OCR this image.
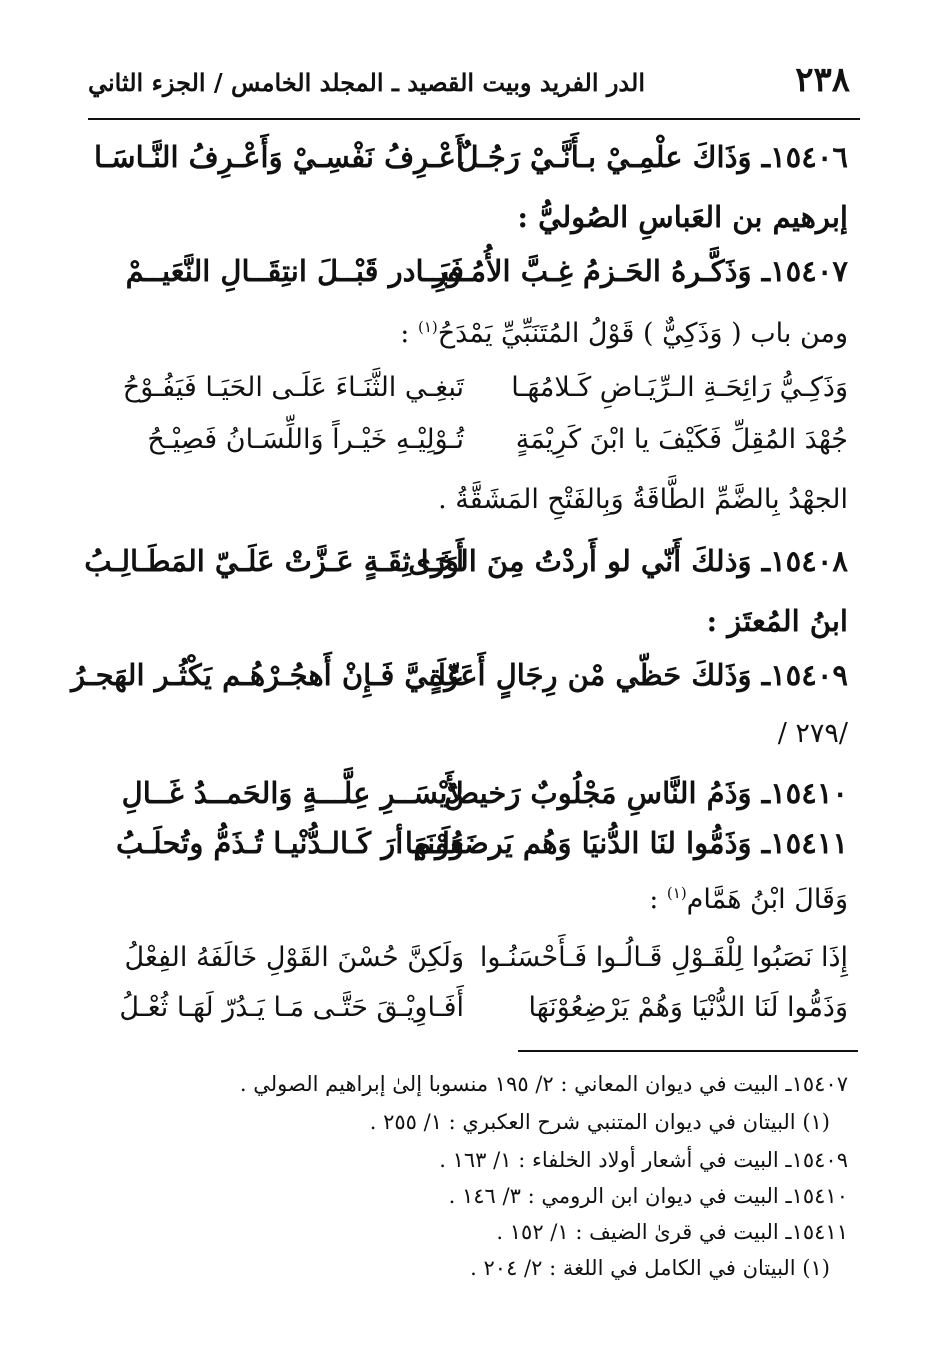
٢٣٨
الدر الفريد وبيت القصيد ـ المجلد الخامس / الجزء الثاني
١٥٤٠٦ـ وَذَاكَ علْمِـيْ بـأَنَّـيْ رَجُـلٌ
أَعْـرِفُ نَفْسِـيْ وَأَعْـرِفُ النَّـاسَـا
إبرهيم بن العَباسِ الصُوليُّ :
١٥٤٠٧ـ وَذَكَّـرهُ الحَـزمُ غِـبَّ الأُمُـورِ
فَبَــادر قَبْــلَ انتِقَــالِ النَّعَيــمْ
ومن باب ( وَذَكِيٌّ ) قَوْلُ المُتَنَبِّيِّ يَمْدَحُ$^{(١)}$ :
وَذَكِـيُّ رَائِحَـةِ الـرِّيَـاضِ كَـلامُهَـا
تَبغِـي الثَّنَـاءَ عَلَـى الحَيَـا فَيَفُـوْحُ
جُهْدَ المُقِلِّ فَكَيْفَ يا ابْنَ كَرِيْمَةٍ
تُـوْلِيْـهِ خَيْـراً وَاللِّسَـانُ فَصِيْـحُ
الجهْدُ بِالضَّمِّ الطَّاقَةُ وَبِالفَتْحِ المَشَقَّةُ .
١٥٤٠٨ـ وَذلكَ أَنّي لو أَردْتُ مِنَ الوَرَى
أَخَـا ثِقَـةٍ عَـزَّتْ عَلَـيّ المَطَـالِـبُ
ابنُ المُعتَز :
١٥٤٠٩ـ وَذَلكَ حَظّي مْن رِجَالٍ أَعَزّةٍ
عَلَـيَّ فَـإِنْ أَهجُـرْهُـم يَكْثُـر الهَجـرُ
/٢٧٩ /
١٥٤١٠ـ وَذَمُ النَّاسِ مَجْلُوبٌ رَخيصٌ
لأَيْسَــرِ عِلَّـــةٍ وَالحَمــدُ غَــالِ
١٥٤١١ـ وَذَمُّوا لنَا الدُّنيَا وَهُم يَرضَعُوْنَهَا
وَلَـم أرَ كَـالـدُّنْيـا تُـذَمُّ وتُحلَـبُ
وَقَالَ ابْنُ هَمَّام$^{(١)}$ :
إِذَا نَصَبُوا لِلْقَـوْلِ قَـالُـوا فَـأَحْسَنُـوا
وَلَكِنَّ حُسْنَ القَوْلِ خَالَفَهُ الفِعْلُ
وَذَمُّوا لَنَا الدُّنْيَا وَهُمْ يَرْضِعُوْنَهَا
أَفَـاوِيْـقَ حَتَّـى مَـا يَـدُرّ لَهَـا ثُعْـلُ
١٥٤٠٧ـ البيت في ديوان المعاني : ٢/ ١٩٥ منسوبا إلىٰ إبراهيم الصولي .
(١) البيتان في ديوان المتنبي شرح العكبري : ١/ ٢٥٥ .
١٥٤٠٩ـ البيت في أشعار أولاد الخلفاء : ١/ ١٦٣ .
١٥٤١٠ـ البيت في ديوان ابن الرومي : ٣/ ١٤٦ .
١٥٤١١ـ البيت في قرىٰ الضيف : ١/ ١٥٢ .
(١) البيتان في الكامل في اللغة : ٢/ ٢٠٤ .
